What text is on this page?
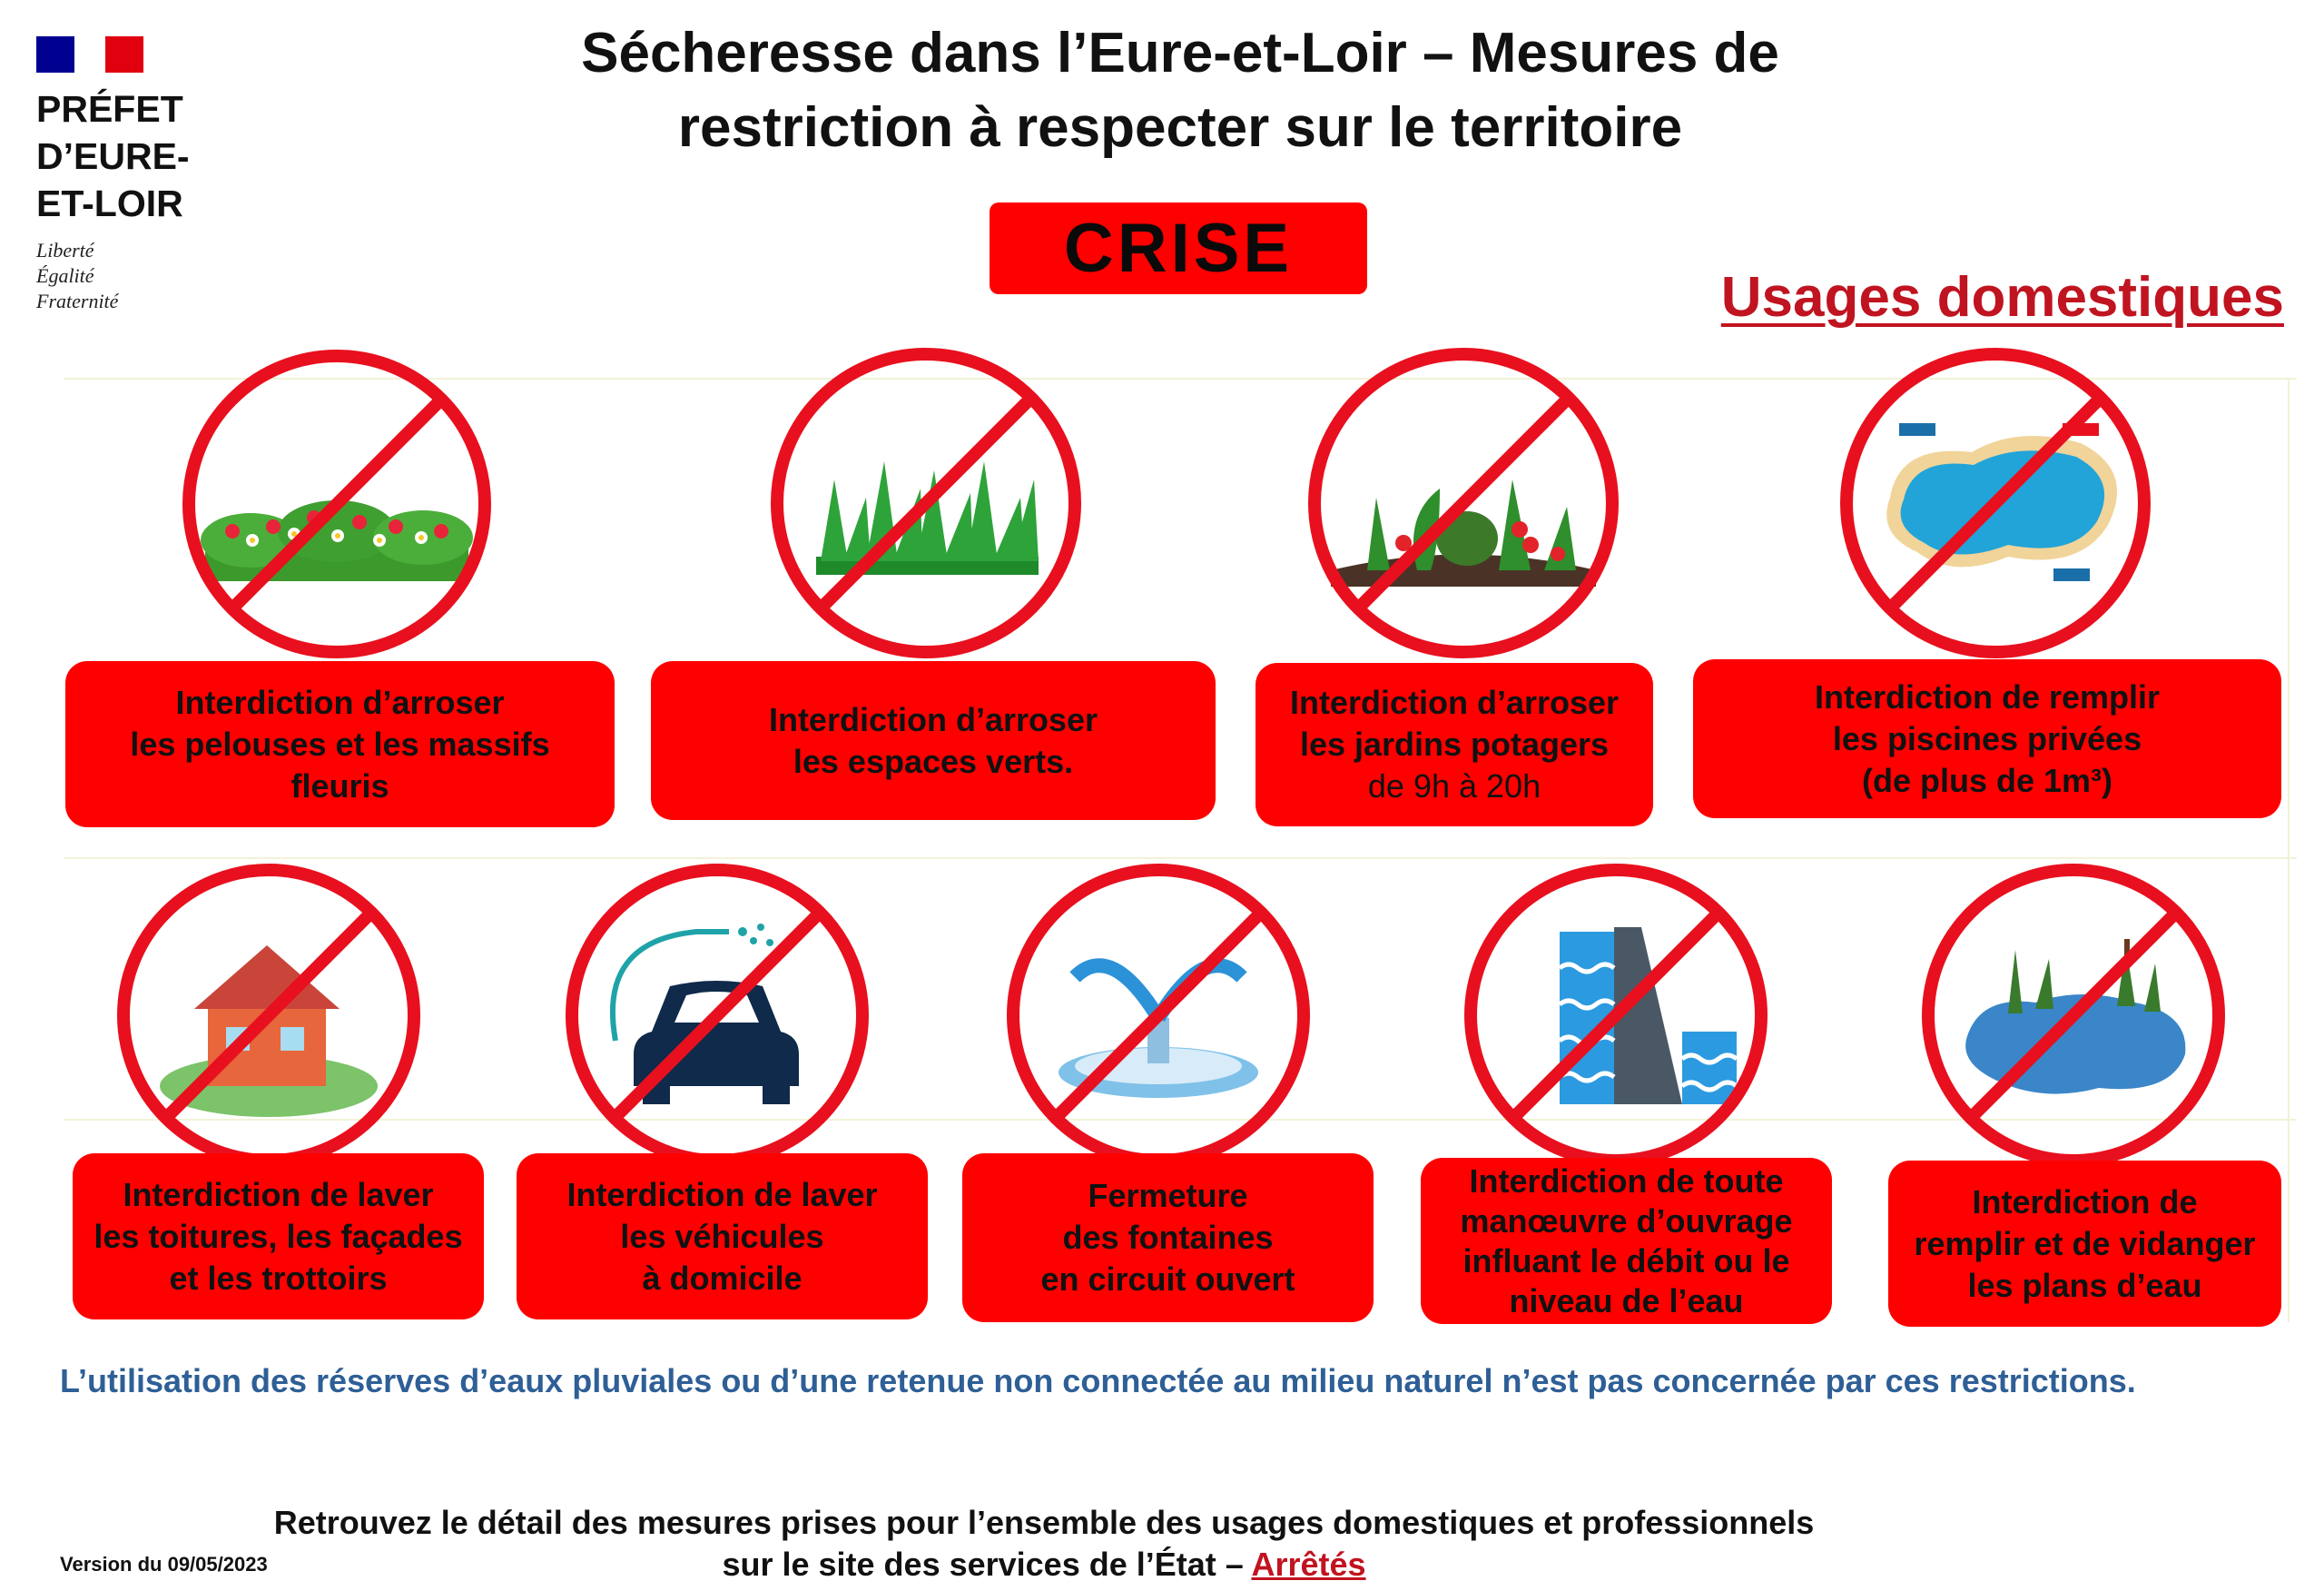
PRÉFET
D’EURE-
ET-LOIR
Liberté
Égalité
Fraternité
Sécheresse dans l’Eure-et-Loir – Mesures de
restriction à respecter sur le territoire
CRISE
Usages domestiques
Interdiction d’arroser
les pelouses et les massifs
fleuris
Interdiction d’arroser
les espaces verts.
Interdiction d’arroser
les jardins potagers
de 9h à 20h
Interdiction de remplir
les piscines privées
(de plus de 1m³)
Interdiction de laver
les toitures, les façades
et les trottoirs
Interdiction de laver
les véhicules
à domicile
Fermeture
des fontaines
en circuit ouvert
Interdiction de toute
manœuvre d’ouvrage
influant le débit ou le
niveau de l’eau
Interdiction de
remplir et de vidanger
les plans d’eau
L’utilisation des réserves d’eaux pluviales ou d’une retenue non connectée au milieu naturel n’est pas concernée par ces restrictions.
Retrouvez le détail des mesures prises pour l’ensemble des usages domestiques et professionnels
sur le site des services de l’État – Arrêtés
Version du 09/05/2023
